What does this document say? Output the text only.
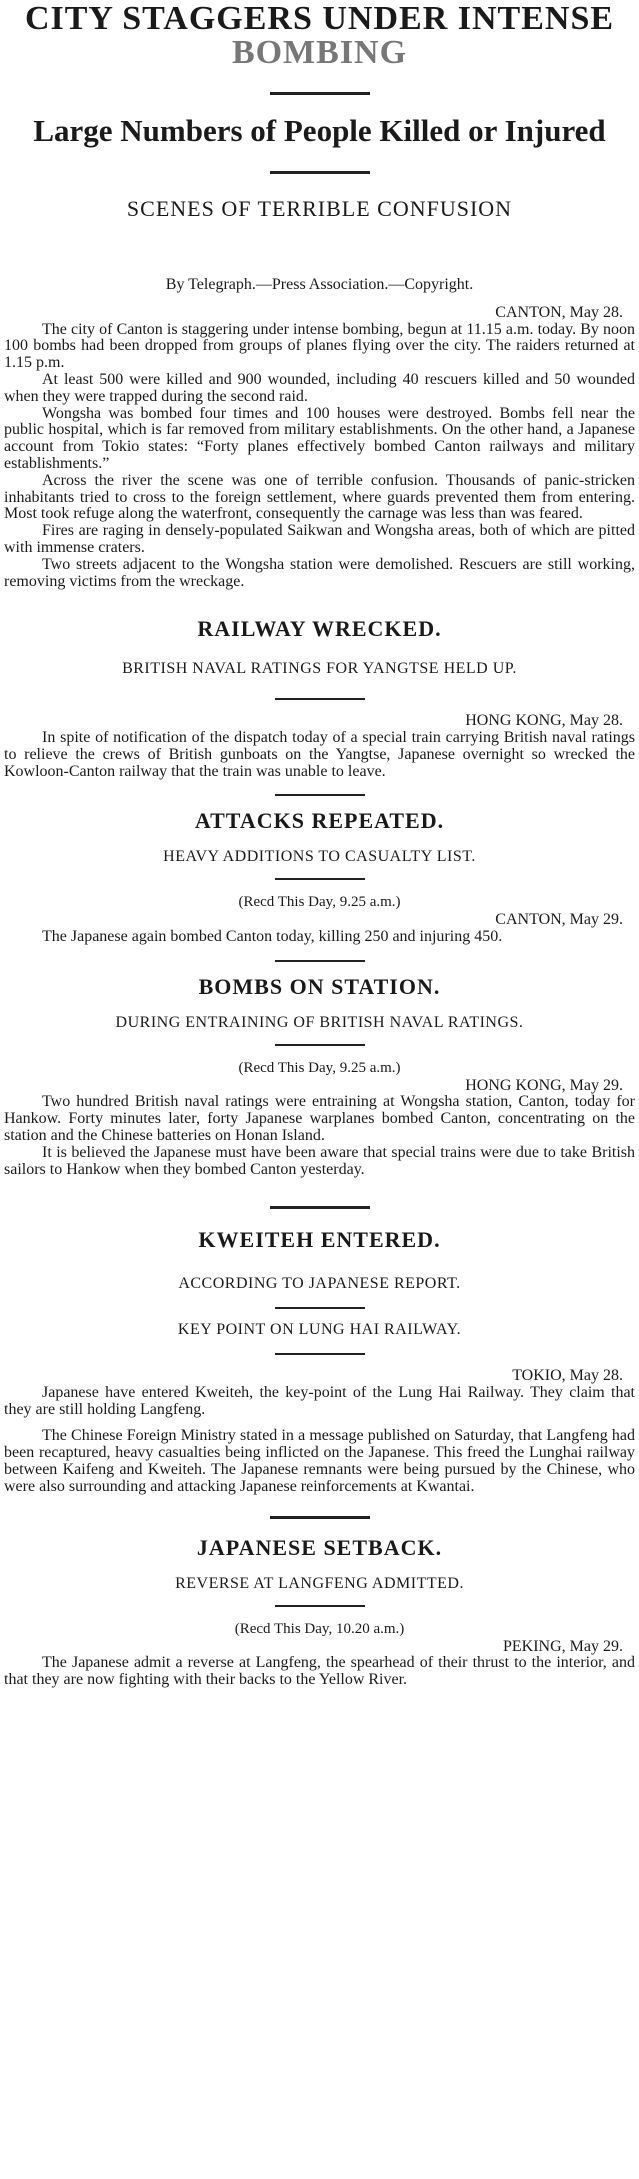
CITY STAGGERS UNDER INTENSE
BOMBING
Large Numbers of People Killed or Injured
SCENES OF TERRIBLE CONFUSION
By Telegraph.—Press Association.—Copyright.
CANTON, May 28.

The city of Canton is staggering under intense bombing, begun at 11.15 a.m. today. By noon 100 bombs had been dropped from groups of planes flying over the city. The raiders returned at 1.15 p.m.

At least 500 were killed and 900 wounded, including 40 rescuers killed and 50 wounded when they were trapped during the second raid.

Wongsha was bombed four times and 100 houses were destroyed. Bombs fell near the public hospital, which is far removed from military establishments. On the other hand, a Japanese account from Tokio states: “Forty planes effectively bombed Canton railways and military establishments.”

Across the river the scene was one of terrible confusion. Thousands of panic-stricken inhabitants tried to cross to the foreign settlement, where guards prevented them from entering. Most took refuge along the waterfront, consequently the carnage was less than was feared.

Fires are raging in densely-populated Saikwan and Wongsha areas, both of which are pitted with immense craters.

Two streets adjacent to the Wongsha station were demolished. Rescuers are still working, removing victims from the wreckage.

RAILWAY WRECKED.
BRITISH NAVAL RATINGS FOR YANGTSE HELD UP.
HONG KONG, May 28.

In spite of notification of the dispatch today of a special train carrying British naval ratings to relieve the crews of British gunboats on the Yangtse, Japanese overnight so wrecked the Kowloon-Canton railway that the train was unable to leave.

ATTACKS REPEATED.
HEAVY ADDITIONS TO CASUALTY LIST.
(Recd This Day, 9.25 a.m.)
CANTON, May 29.

The Japanese again bombed Canton today, killing 250 and injuring 450.

BOMBS ON STATION.
DURING ENTRAINING OF BRITISH NAVAL RATINGS.
(Recd This Day, 9.25 a.m.)
HONG KONG, May 29.

Two hundred British naval ratings were entraining at Wongsha station, Canton, today for Hankow. Forty minutes later, forty Japanese warplanes bombed Canton, concentrating on the station and the Chinese batteries on Honan Island.

It is believed the Japanese must have been aware that special trains were due to take British sailors to Hankow when they bombed Canton yesterday.

KWEITEH ENTERED.
ACCORDING TO JAPANESE REPORT.
KEY POINT ON LUNG HAI RAILWAY.
TOKIO, May 28.

Japanese have entered Kweiteh, the key-point of the Lung Hai Railway. They claim that they are still holding Langfeng.

The Chinese Foreign Ministry stated in a message published on Saturday, that Langfeng had been recaptured, heavy casualties being inflicted on the Japanese. This freed the Lunghai railway between Kaifeng and Kweiteh. The Japanese remnants were being pursued by the Chinese, who were also surrounding and attacking Japanese reinforcements at Kwantai.

JAPANESE SETBACK.
REVERSE AT LANGFENG ADMITTED.
(Recd This Day, 10.20 a.m.)
PEKING, May 29.

The Japanese admit a reverse at Langfeng, the spearhead of their thrust to the interior, and that they are now fighting with their backs to the Yellow River.
